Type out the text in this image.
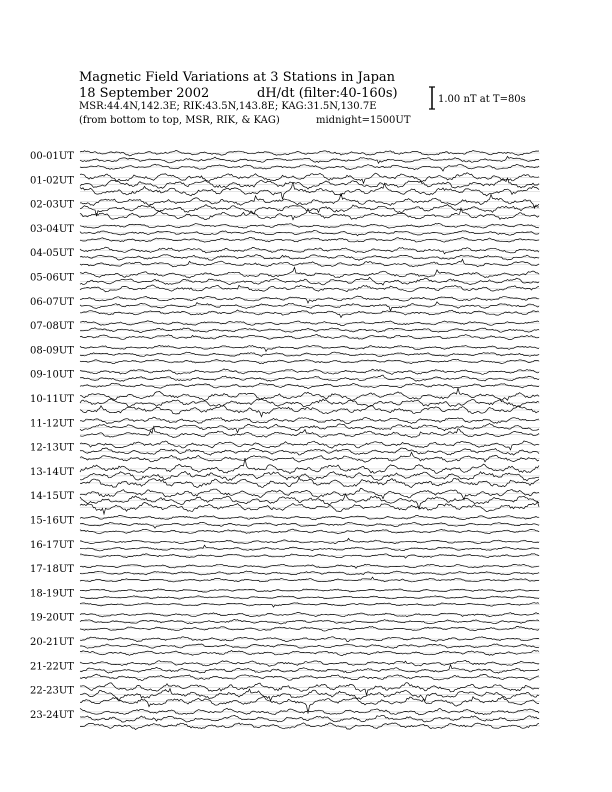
Magnetic Field Variations at 3 Stations in Japan
18 September 2002	dH/dt (filter:40-160s)
MSR:44.4N,142.3E; RIK:43.5N,143.8E; KAG:31.5N,130.7E
(from bottom to top, MSR, RIK, & KAG)	midnight=1500UT
1.00 nT at T=80s
00-01UT
01-02UT
02-03UT
03-04UT
04-05UT
05-06UT
06-07UT
07-08UT
08-09UT
09-10UT
10-11UT
11-12UT
12-13UT
13-14UT
14-15UT
15-16UT
16-17UT
17-18UT
18-19UT
19-20UT
20-21UT
21-22UT
22-23UT
23-24UT
